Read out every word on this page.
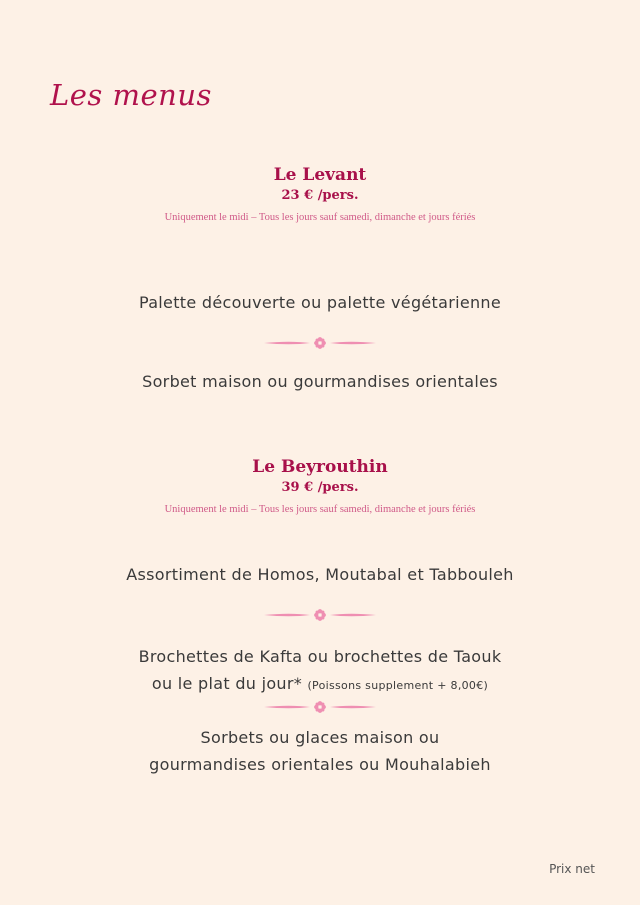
Les menus
Le Levant
23 € /pers.
Uniquement le midi – Tous les jours sauf samedi, dimanche et jours fériés
Palette découverte ou palette végétarienne
Sorbet maison ou gourmandises orientales
Le Beyrouthin
39 € /pers.
Uniquement le midi – Tous les jours sauf samedi, dimanche et jours fériés
Assortiment de Homos, Moutabal et Tabbouleh
Brochettes de Kafta ou brochettes de Taouk
ou le plat du jour* (Poissons supplement + 8,00€)
Sorbets ou glaces maison ou
gourmandises orientales ou Mouhalabieh
Prix net
